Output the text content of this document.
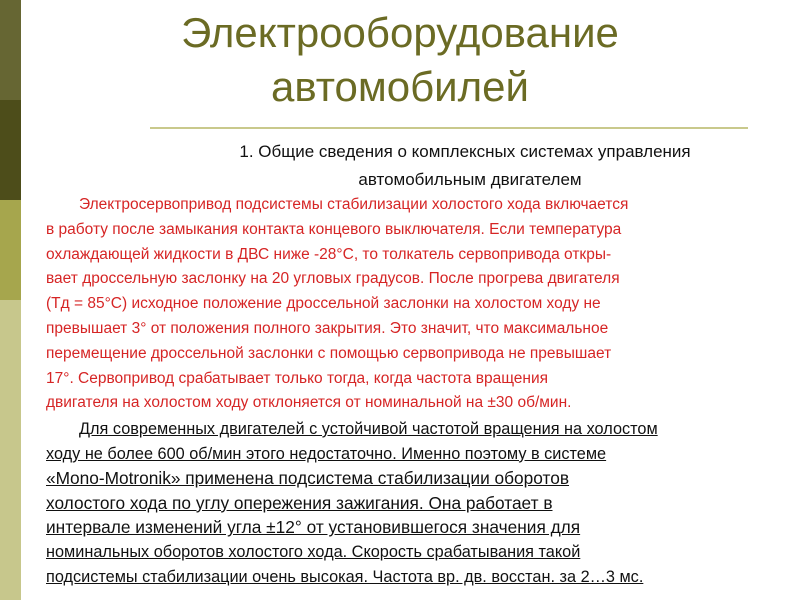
Электрооборудование
автомобилей
1. Общие сведения о комплексных системах управления
автомобильным двигателем
Электросервопривод подсистемы стабилизации холостого хода включается
в работу после замыкания контакта концевого выключателя. Если температура
охлаждающей жидкости в ДВС ниже -28°С, то толкатель сервопривода откры-
вает дроссельную заслонку на 20 угловых градусов. После прогрева двигателя
(Тд = 85°С) исходное положение дроссельной заслонки на холостом ходу не
превышает 3° от положения полного закрытия. Это значит, что максимальное
перемещение дроссельной заслонки с помощью сервопривода не превышает
17°. Сервопривод срабатывает только тогда, когда частота вращения
двигателя на холостом ходу отклоняется от номинальной на ±30 об/мин.
Для современных двигателей с устойчивой частотой вращения на холостом
ходу не более 600 об/мин этого недостаточно. Именно поэтому в системе
«Mono-Motronik» применена подсистема стабилизации оборотов
холостого хода по углу опережения зажигания. Она работает в
интервале изменений угла ±12° от установившегося значения для
номинальных оборотов холостого хода. Скорость срабатывания такой
подсистемы стабилизации очень высокая. Частота вр. дв. восстан. за 2…3 мс.
